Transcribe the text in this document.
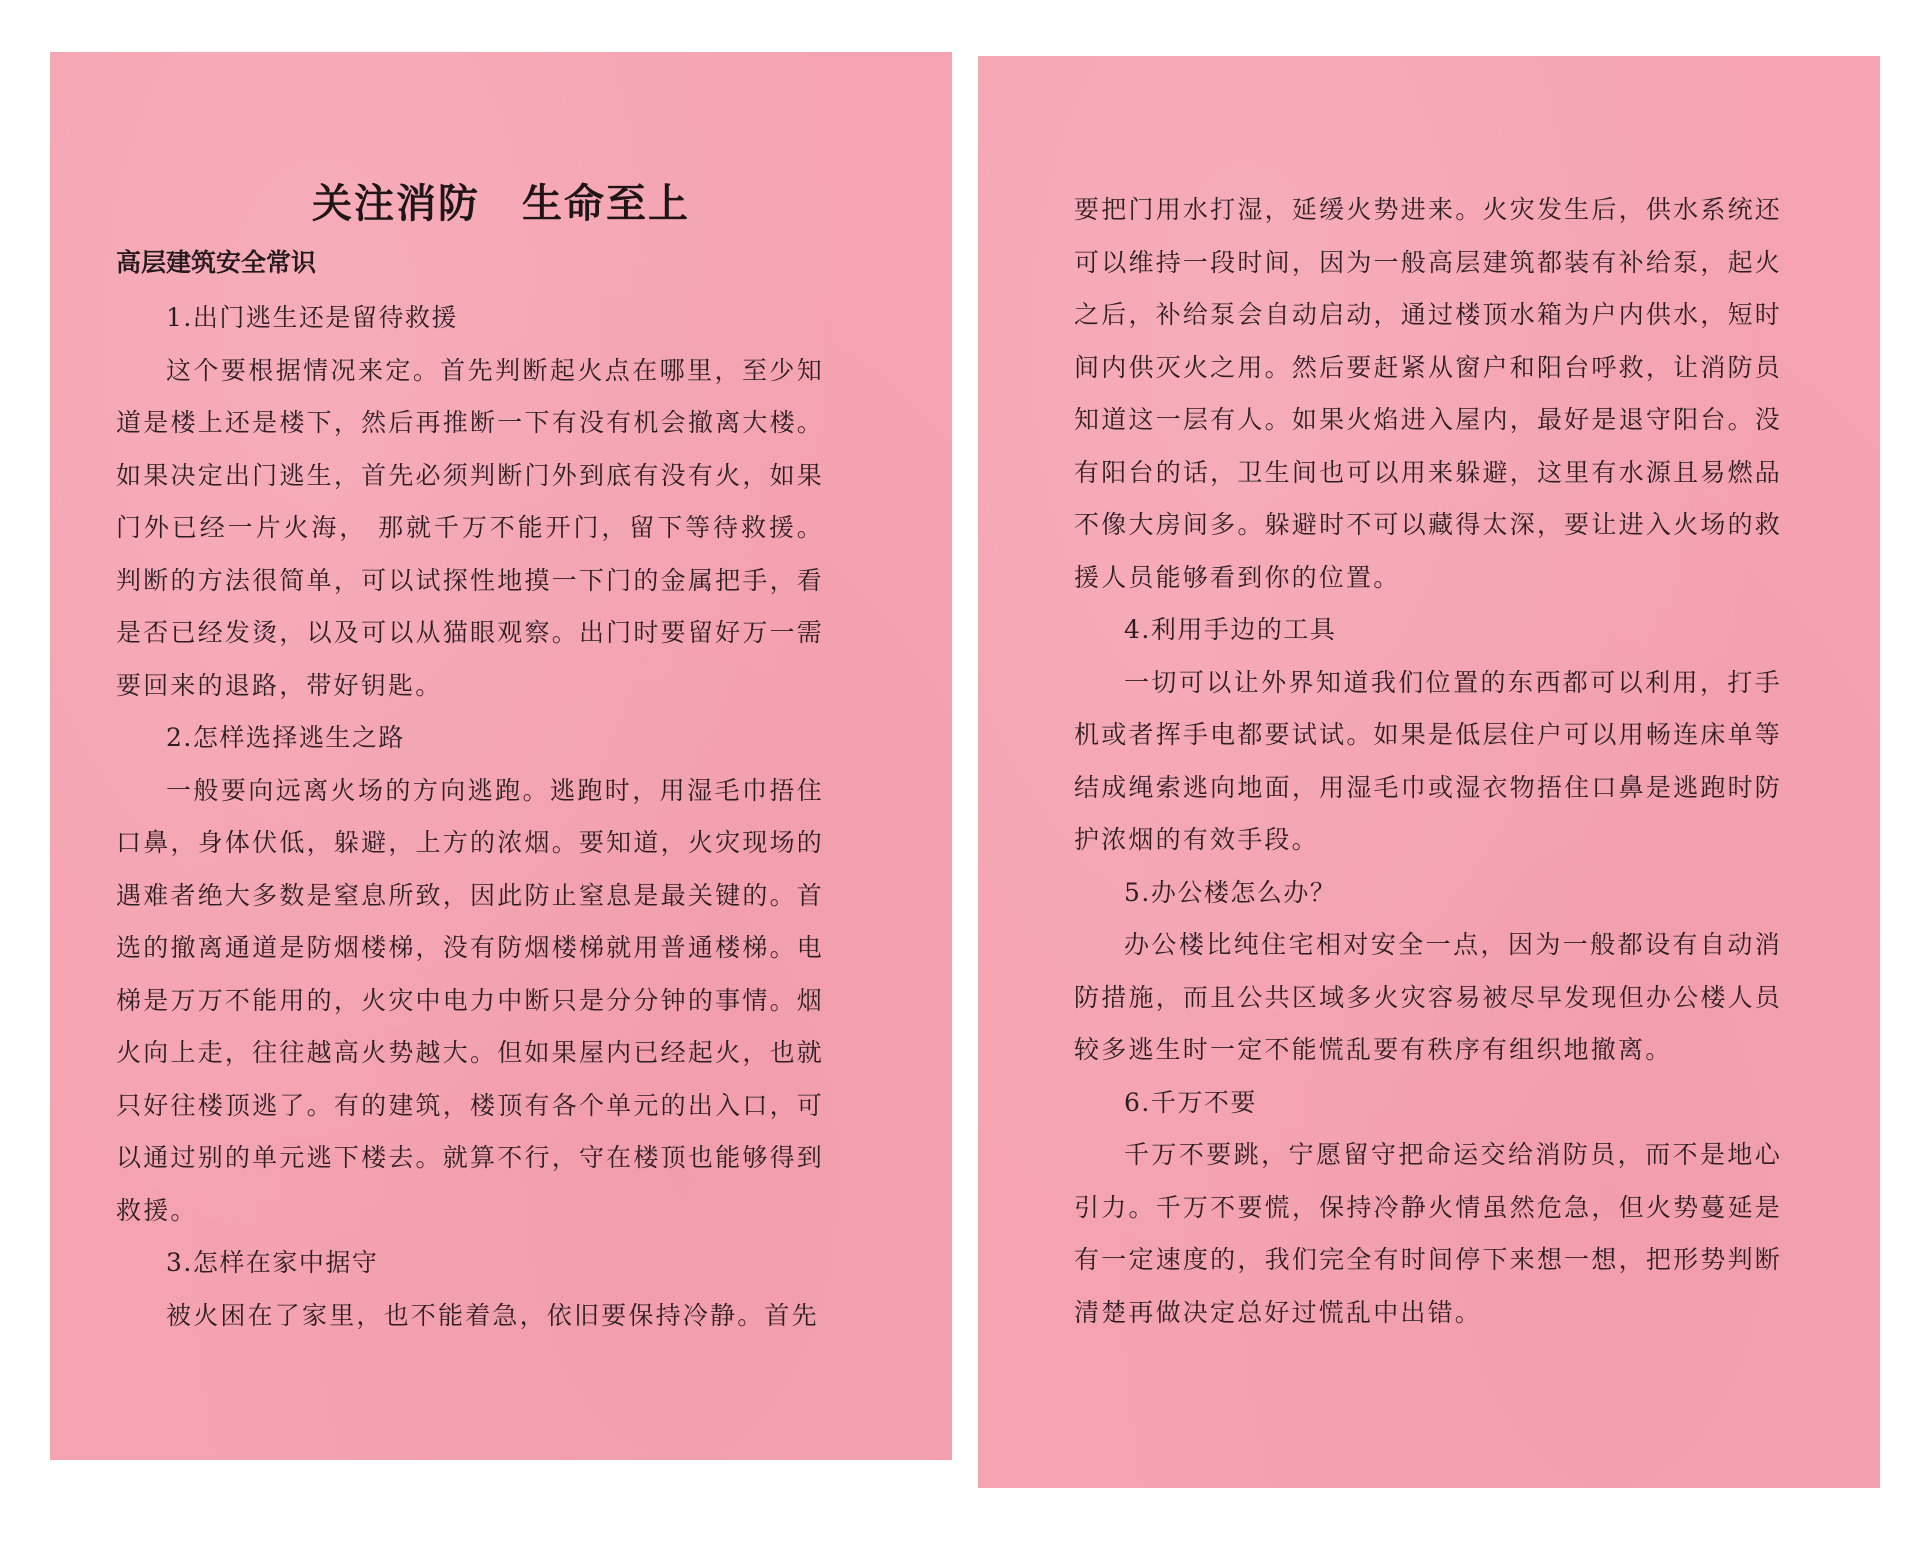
关注消防　生命至上
高层建筑安全常识
1.出门逃生还是留待救援

这个要根据情况来定。首先判断起火点在哪里，至少知道是楼上还是楼下，然后再推断一下有没有机会撤离大楼。如果决定出门逃生，首先必须判断门外到底有没有火，如果门外已经一片火海， 那就千万不能开门，留下等待救援。判断的方法很简单，可以试探性地摸一下门的金属把手，看是否已经发烫，以及可以从猫眼观察。出门时要留好万一需要回来的退路，带好钥匙。

2.怎样选择逃生之路

一般要向远离火场的方向逃跑。逃跑时，用湿毛巾捂住口鼻，身体伏低，躲避，上方的浓烟。要知道，火灾现场的遇难者绝大多数是窒息所致，因此防止窒息是最关键的。首选的撤离通道是防烟楼梯，没有防烟楼梯就用普通楼梯。电梯是万万不能用的，火灾中电力中断只是分分钟的事情。烟火向上走，往往越高火势越大。但如果屋内已经起火，也就只好往楼顶逃了。有的建筑，楼顶有各个单元的出入口，可以通过别的单元逃下楼去。就算不行，守在楼顶也能够得到救援。

3.怎样在家中据守

被火困在了家里，也不能着急，依旧要保持冷静。首先

要把门用水打湿，延缓火势进来。火灾发生后，供水系统还可以维持一段时间，因为一般高层建筑都装有补给泵，起火之后，补给泵会自动启动，通过楼顶水箱为户内供水，短时间内供灭火之用。然后要赶紧从窗户和阳台呼救，让消防员知道这一层有人。如果火焰进入屋内，最好是退守阳台。没有阳台的话，卫生间也可以用来躲避，这里有水源且易燃品不像大房间多。躲避时不可以藏得太深，要让进入火场的救援人员能够看到你的位置。

4.利用手边的工具

一切可以让外界知道我们位置的东西都可以利用，打手机或者挥手电都要试试。如果是低层住户可以用畅连床单等结成绳索逃向地面，用湿毛巾或湿衣物捂住口鼻是逃跑时防护浓烟的有效手段。

5.办公楼怎么办？

办公楼比纯住宅相对安全一点，因为一般都设有自动消防措施，而且公共区域多火灾容易被尽早发现但办公楼人员较多逃生时一定不能慌乱要有秩序有组织地撤离。

6.千万不要

千万不要跳，宁愿留守把命运交给消防员，而不是地心引力。千万不要慌，保持冷静火情虽然危急，但火势蔓延是有一定速度的，我们完全有时间停下来想一想，把形势判断清楚再做决定总好过慌乱中出错。
